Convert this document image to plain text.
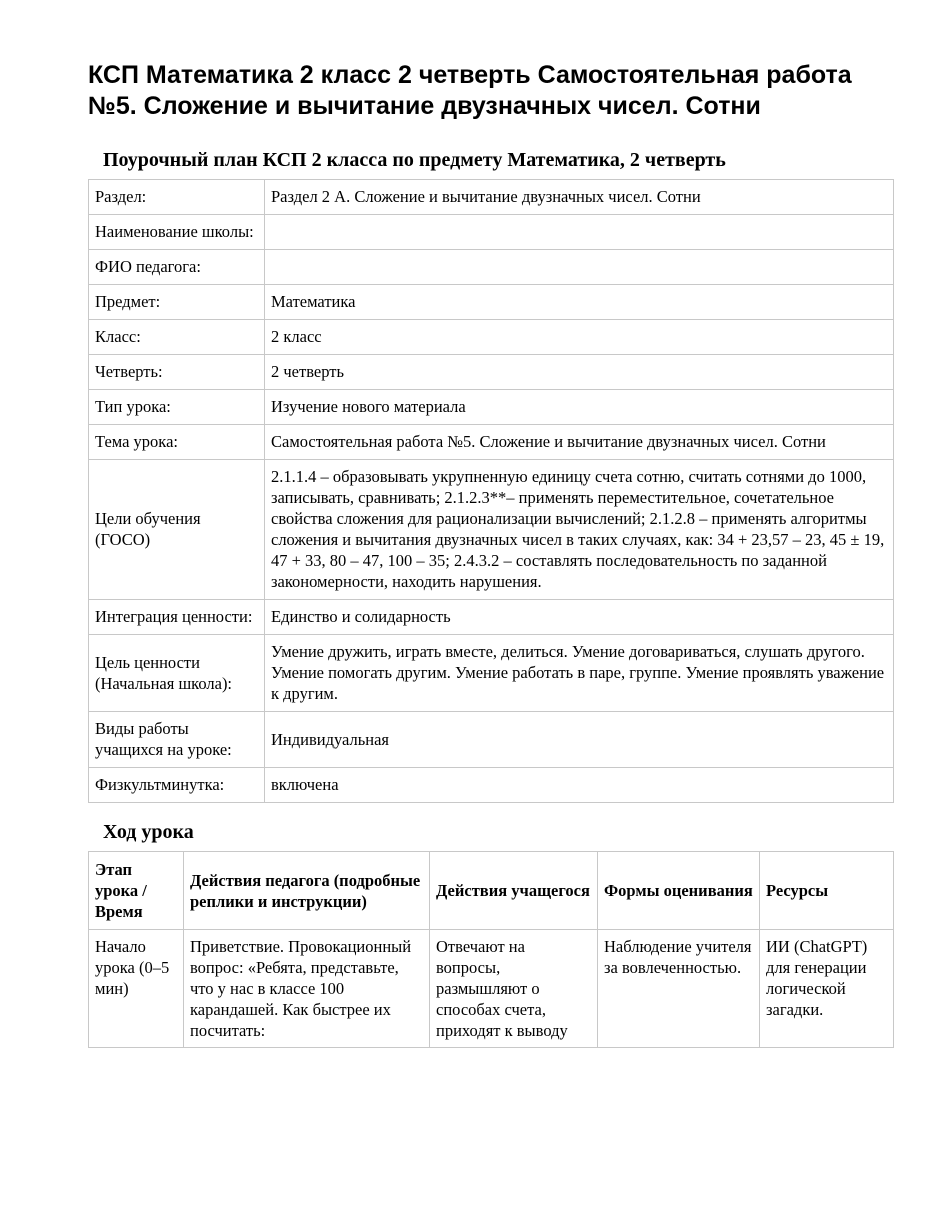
КСП Математика 2 класс 2 четверть Самостоятельная работа №5. Сложение и вычитание двузначных чисел. Сотни
Поурочный план КСП 2 класса по предмету Математика, 2 четверть
Раздел:	Раздел 2 А. Сложение и вычитание двузначных чисел. Сотни
Наименование школы:	
ФИО педагога:	
Предмет:	Математика
Класс:	2 класс
Четверть:	2 четверть
Тип урока:	Изучение нового материала
Тема урока:	Самостоятельная работа №5. Сложение и вычитание двузначных чисел. Сотни
Цели обучения (ГОСО)	2.1.1.4 – образовывать укрупненную единицу счета сотню, считать сотнями до 1000, записывать, сравнивать; 2.1.2.3**– применять переместительное, сочетательное свойства сложения для рационализации вычислений; 2.1.2.8 – применять алгоритмы сложения и вычитания двузначных чисел в таких случаях, как: 34 + 23,57 – 23, 45 ± 19, 47 + 33, 80 – 47, 100 – 35; 2.4.3.2 – составлять последовательность по заданной закономерности, находить нарушения.
Интеграция ценности:	Единство и солидарность
Цель ценности (Начальная школа):	Умение дружить, играть вместе, делиться. Умение договариваться, слушать другого. Умение помогать другим. Умение работать в паре, группе. Умение проявлять уважение к другим.
Виды работы учащихся на уроке:	Индивидуальная
Физкультминутка:	включена
Ход урока
Этап урока / Время	Действия педагога (подробные реплики и инструкции)	Действия учащегося	Формы оценивания	Ресурсы
Начало урока (0–5 мин)	Приветствие. Провокационный вопрос: «Ребята, представьте, что у нас в классе 100 карандашей. Как быстрее их посчитать:	Отвечают на вопросы, размышляют о способах счета, приходят к выводу	Наблюдение учителя за вовлеченностью.	ИИ (ChatGPT) для генерации логической загадки.
